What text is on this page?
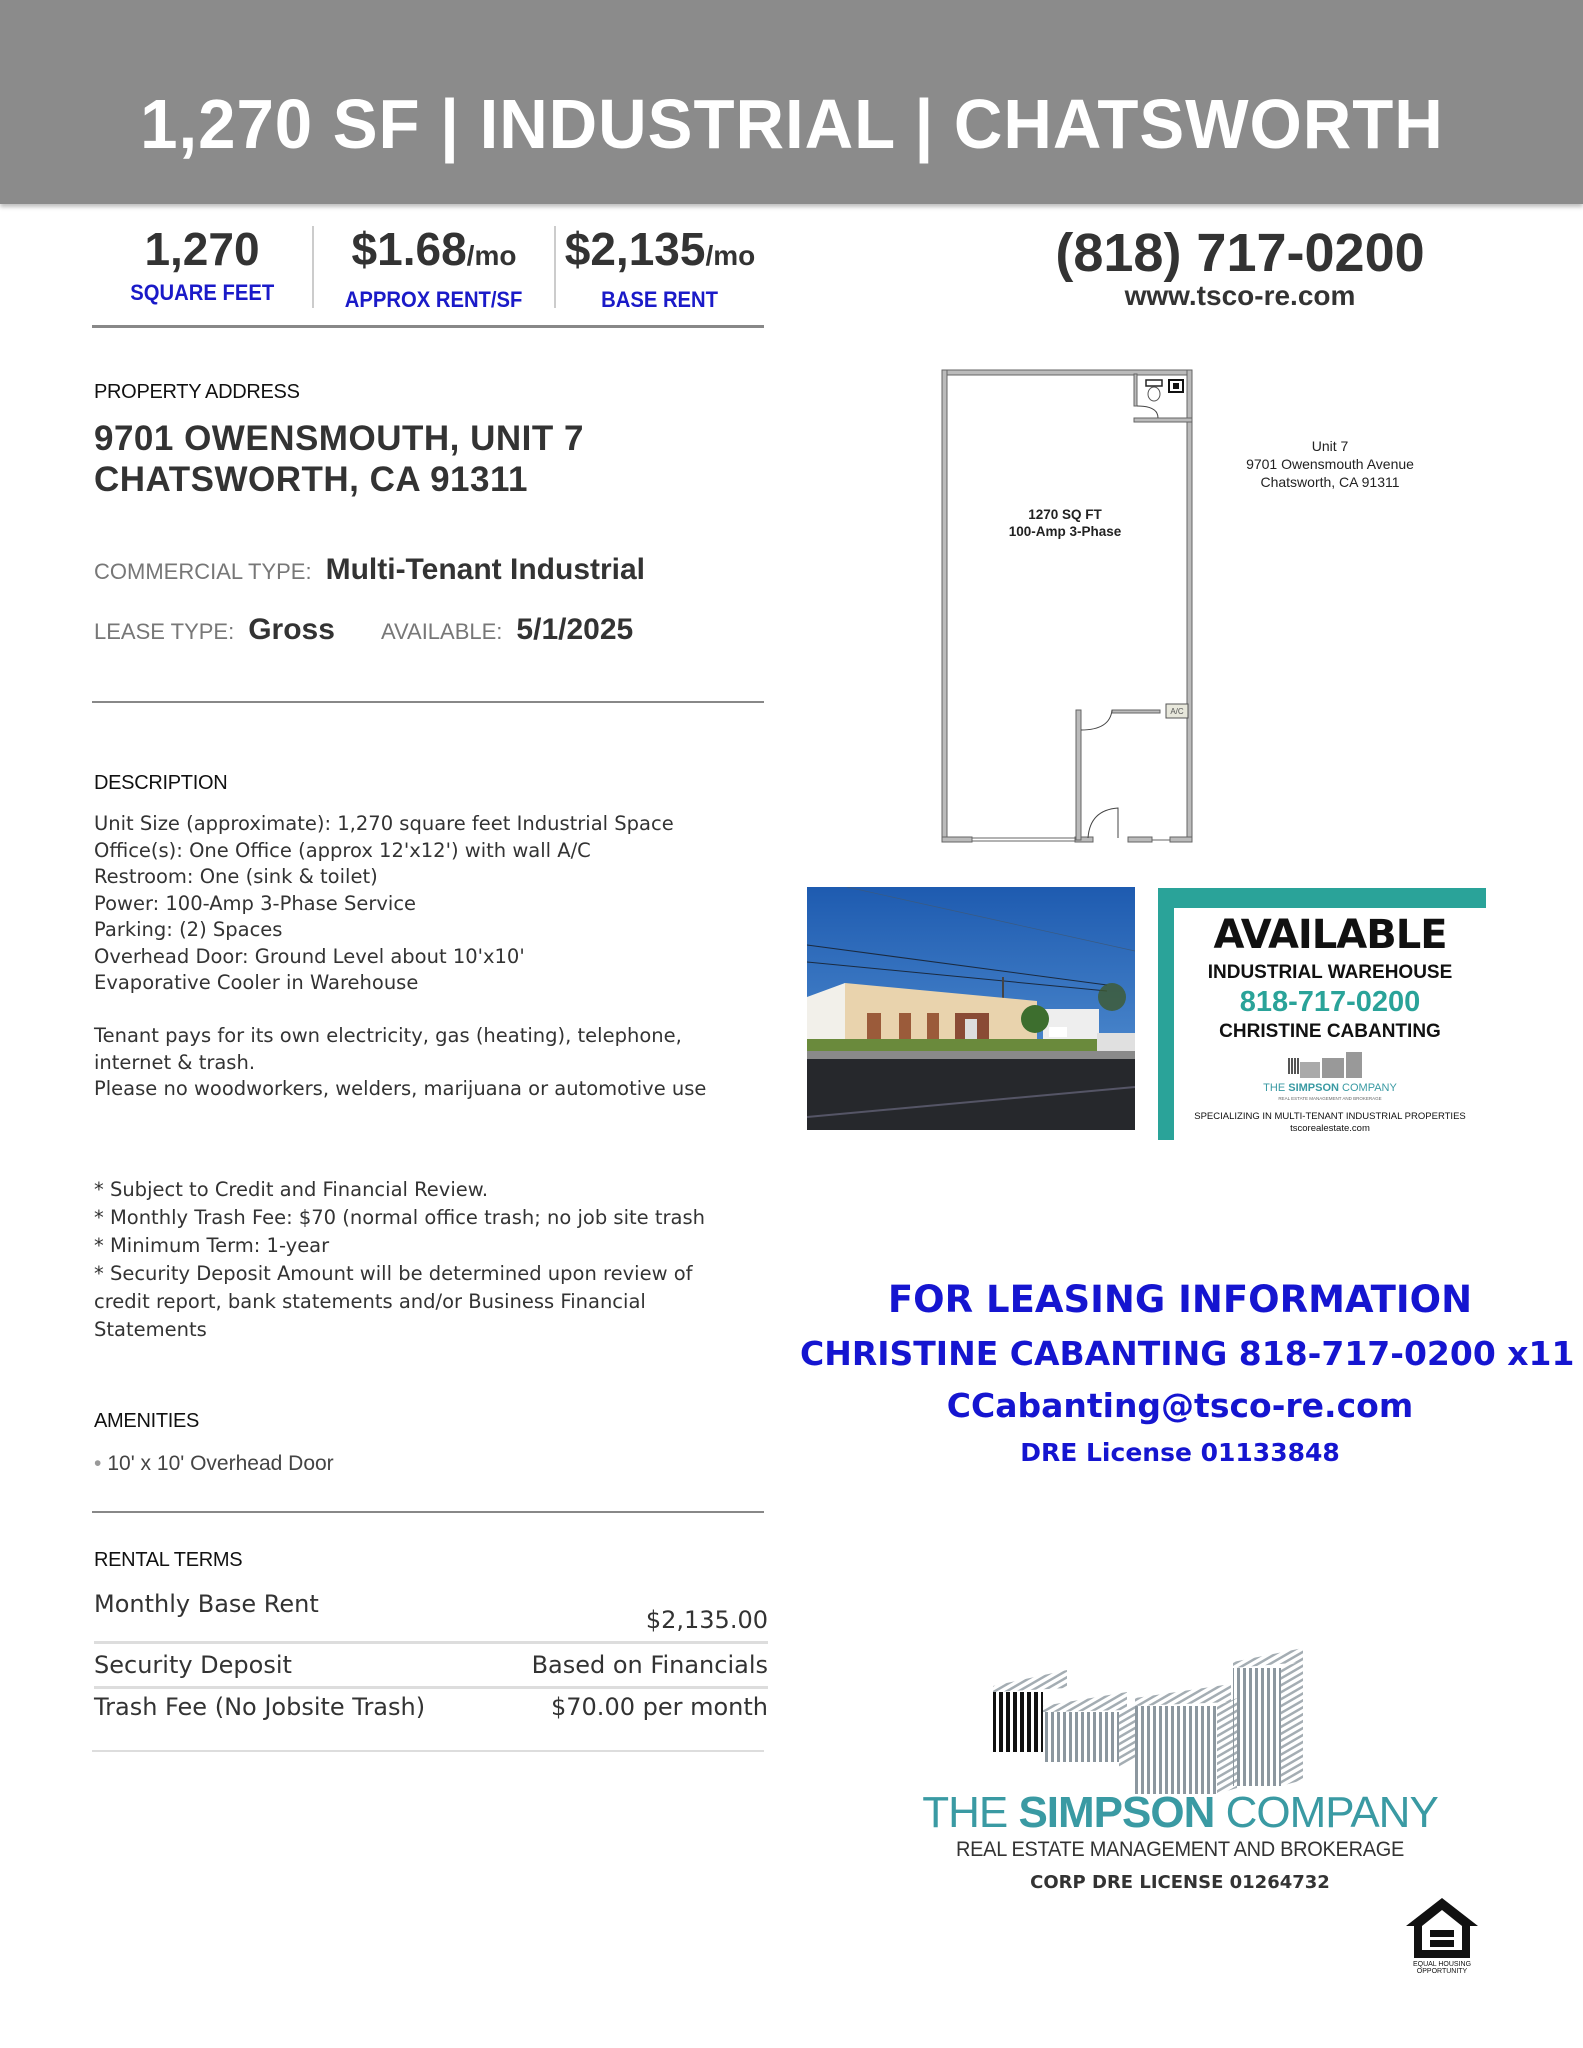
1,270 SF | INDUSTRIAL | CHATSWORTH
1,270
SQUARE FEET
$1.68/mo
APPROX RENT/SF
$2,135/mo
BASE RENT
(818) 717-0200
www.tsco-re.com
PROPERTY ADDRESS
9701 OWENSMOUTH, UNIT 7
CHATSWORTH, CA 91311
COMMERCIAL TYPE: Multi-Tenant Industrial
LEASE TYPE: Gross AVAILABLE: 5/1/2025
DESCRIPTION
Unit Size (approximate): 1,270 square feet Industrial Space
Office(s): One Office (approx 12'x12') with wall A/C
Restroom: One (sink & toilet)
Power: 100-Amp 3-Phase Service
Parking: (2) Spaces
Overhead Door: Ground Level about 10'x10'
Evaporative Cooler in Warehouse
Tenant pays for its own electricity, gas (heating), telephone,
internet & trash.
Please no woodworkers, welders, marijuana or automotive use
* Subject to Credit and Financial Review.
* Monthly Trash Fee: $70 (normal office trash; no job site trash
* Minimum Term: 1-year
* Security Deposit Amount will be determined upon review of
credit report, bank statements and/or Business Financial
Statements
AMENITIES
• 10' x 10' Overhead Door
RENTAL TERMS
Monthly Base Rent
$2,135.00
Security Deposit	Based on Financials
Trash Fee (No Jobsite Trash)	$70.00 per month
A/C
1270 SQ FT
100-Amp 3-Phase
Unit 7
9701 Owensmouth Avenue
Chatsworth, CA 91311
AVAILABLE
INDUSTRIAL WAREHOUSE
818-717-0200
CHRISTINE CABANTING
THE SIMPSON COMPANY
REAL ESTATE MANAGEMENT AND BROKERAGE
SPECIALIZING IN MULTI-TENANT INDUSTRIAL PROPERTIES
tscorealestate.com
FOR LEASING INFORMATION
CHRISTINE CABANTING 818-717-0200 x11
CCabanting@tsco-re.com
DRE License 01133848
THE SIMPSON COMPANY
REAL ESTATE MANAGEMENT AND BROKERAGE
CORP DRE LICENSE 01264732
EQUAL HOUSING
OPPORTUNITY
